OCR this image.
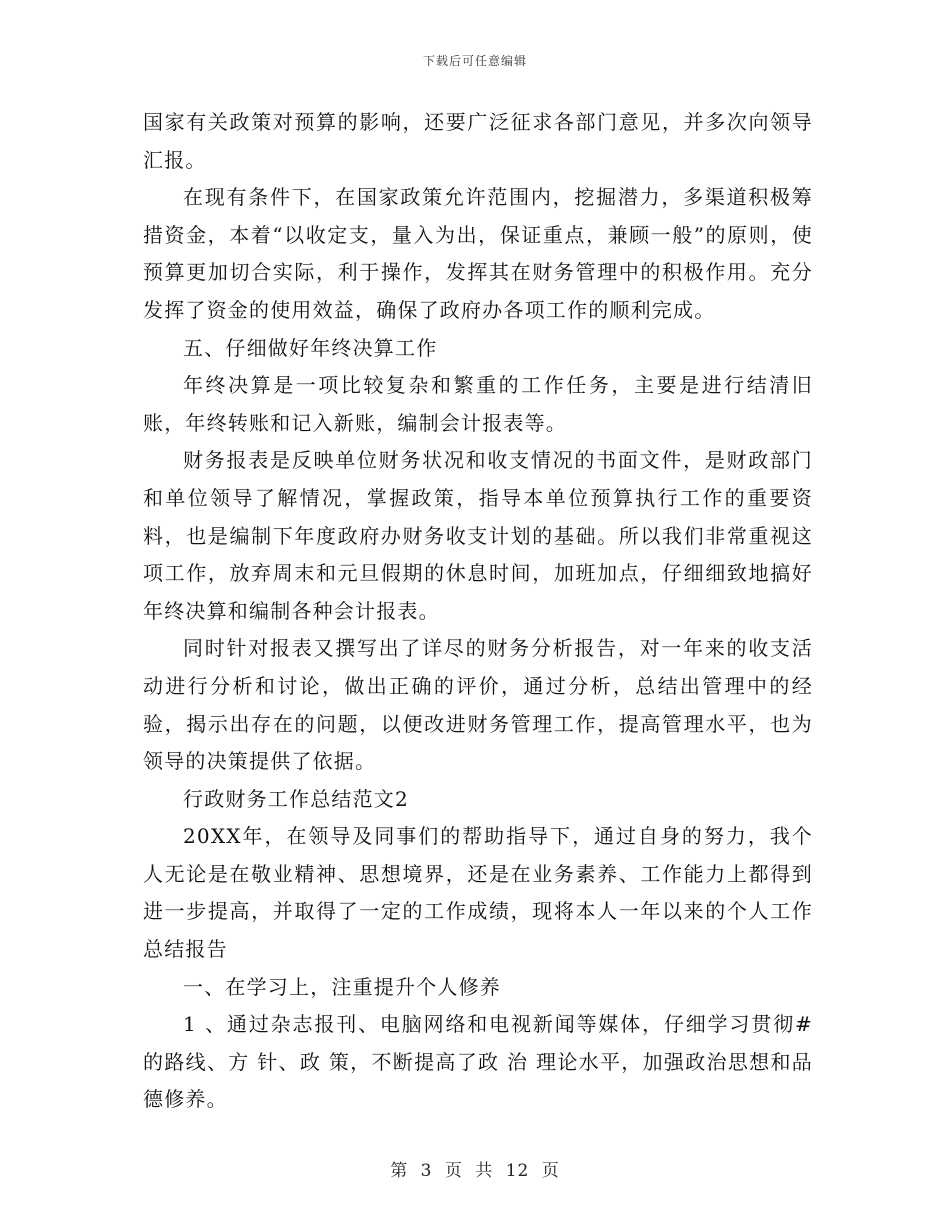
下载后可任意编辑

国家有关政策对预算的影响，还要广泛征求各部门意见，并多次向领导汇报。

在现有条件下，在国家政策允许范围内，挖掘潜力，多渠道积极筹措资金，本着“以收定支，量入为出，保证重点，兼顾一般”的原则，使预算更加切合实际，利于操作，发挥其在财务管理中的积极作用。充分发挥了资金的使用效益，确保了政府办各项工作的顺利完成。

五、仔细做好年终决算工作

年终决算是一项比较复杂和繁重的工作任务，主要是进行结清旧账，年终转账和记入新账，编制会计报表等。

财务报表是反映单位财务状况和收支情况的书面文件，是财政部门和单位领导了解情况，掌握政策，指导本单位预算执行工作的重要资料，也是编制下年度政府办财务收支计划的基础。所以我们非常重视这项工作，放弃周末和元旦假期的休息时间，加班加点，仔细细致地搞好年终决算和编制各种会计报表。

同时针对报表又撰写出了详尽的财务分析报告，对一年来的收支活动进行分析和讨论，做出正确的评价，通过分析，总结出管理中的经验，揭示出存在的问题，以便改进财务管理工作，提高管理水平，也为领导的决策提供了依据。

行政财务工作总结范文2

20XX年，在领导及同事们的帮助指导下，通过自身的努力，我个人无论是在敬业精神、思想境界，还是在业务素养、工作能力上都得到进一步提高，并取得了一定的工作成绩，现将本人一年以来的个人工作总结报告

一、在学习上，注重提升个人修养

1 、通过杂志报刊、电脑网络和电视新闻等媒体，仔细学习贯彻#的路线、方 针、政 策，不断提高了政 治 理论水平，加强政治思想和品德修养。

第 3 页 共 12 页
